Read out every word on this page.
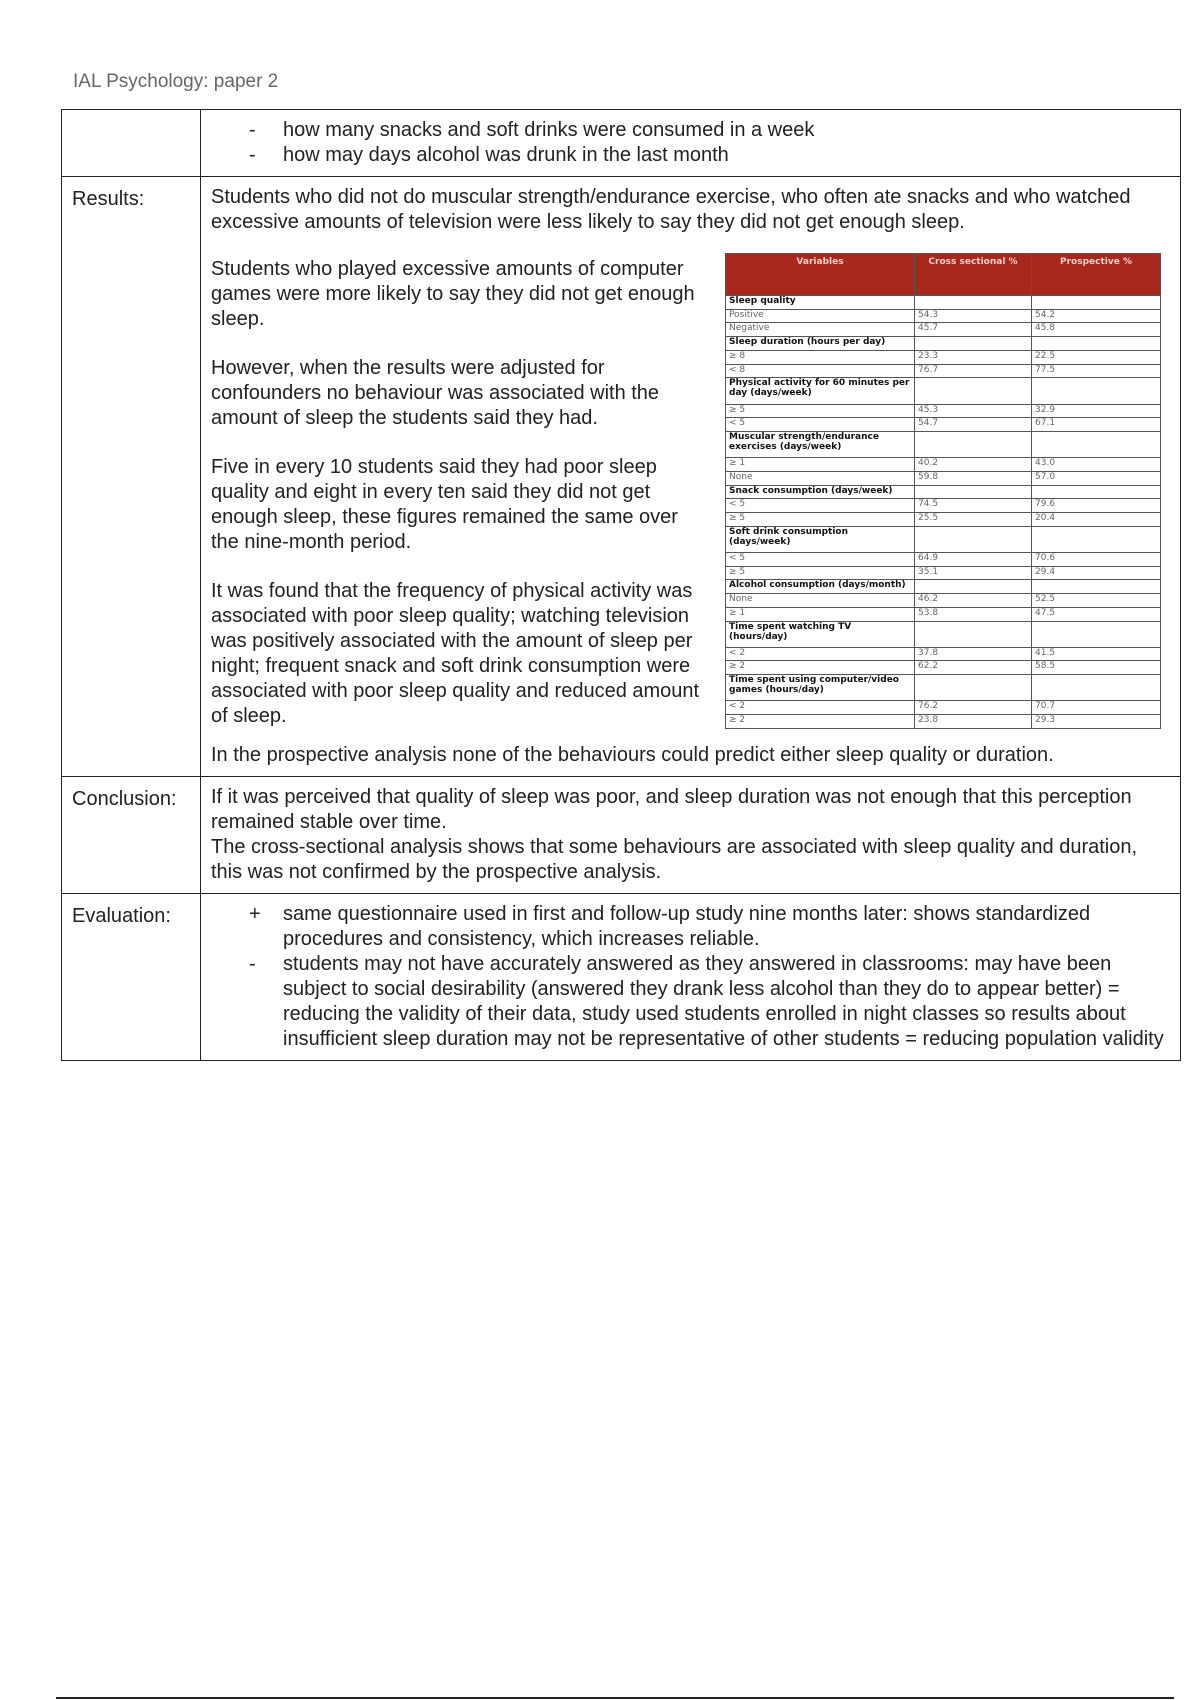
IAL Psychology: paper 2

-	how many snacks and soft drinks were consumed in a week
-	how may days alcohol was drunk in the last month

Results:	Students who did not do muscular strength/endurance exercise, who often ate snacks and who watched excessive amounts of television were less likely to say they did not get enough sleep.

Students who played excessive amounts of computer games were more likely to say they did not get enough sleep.

However, when the results were adjusted for confounders no behaviour was associated with the amount of sleep the students said they had.

Five in every 10 students said they had poor sleep quality and eight in every ten said they did not get enough sleep, these figures remained the same over the nine-month period.

It was found that the frequency of physical activity was associated with poor sleep quality; watching television was positively associated with the amount of sleep per night; frequent snack and soft drink consumption were associated with poor sleep quality and reduced amount of sleep.

Variables	Cross sectional %	Prospective %
Sleep quality		
Positive	54.3	54.2
Negative	45.7	45.8
Sleep duration (hours per day)		
≥ 8	23.3	22.5
< 8	76.7	77.5
Physical activity for 60 minutes per day (days/week)		
≥ 5	45.3	32.9
< 5	54.7	67.1
Muscular strength/endurance exercises (days/week)		
≥ 1	40.2	43.0
None	59.8	57.0
Snack consumption (days/week)		
< 5	74.5	79.6
≥ 5	25.5	20.4
Soft drink consumption (days/week)		
< 5	64.9	70.6
≥ 5	35.1	29.4
Alcohol consumption (days/month)		
None	46.2	52.5
≥ 1	53.8	47.5
Time spent watching TV (hours/day)		
< 2	37.8	41.5
≥ 2	62.2	58.5
Time spent using computer/video games (hours/day)		
< 2	76.2	70.7
≥ 2	23.8	29.3

In the prospective analysis none of the behaviours could predict either sleep quality or duration.

Conclusion:	If it was perceived that quality of sleep was poor, and sleep duration was not enough that this perception remained stable over time.

The cross-sectional analysis shows that some behaviours are associated with sleep quality and duration, this was not confirmed by the prospective analysis.

Evaluation:	+	same questionnaire used in first and follow-up study nine months later: shows standardized procedures and consistency, which increases reliable.
-	students may not have accurately answered as they answered in classrooms: may have been subject to social desirability (answered they drank less alcohol than they do to appear better) = reducing the validity of their data, study used students enrolled in night classes so results about insufficient sleep duration may not be representative of other students = reducing population validity
